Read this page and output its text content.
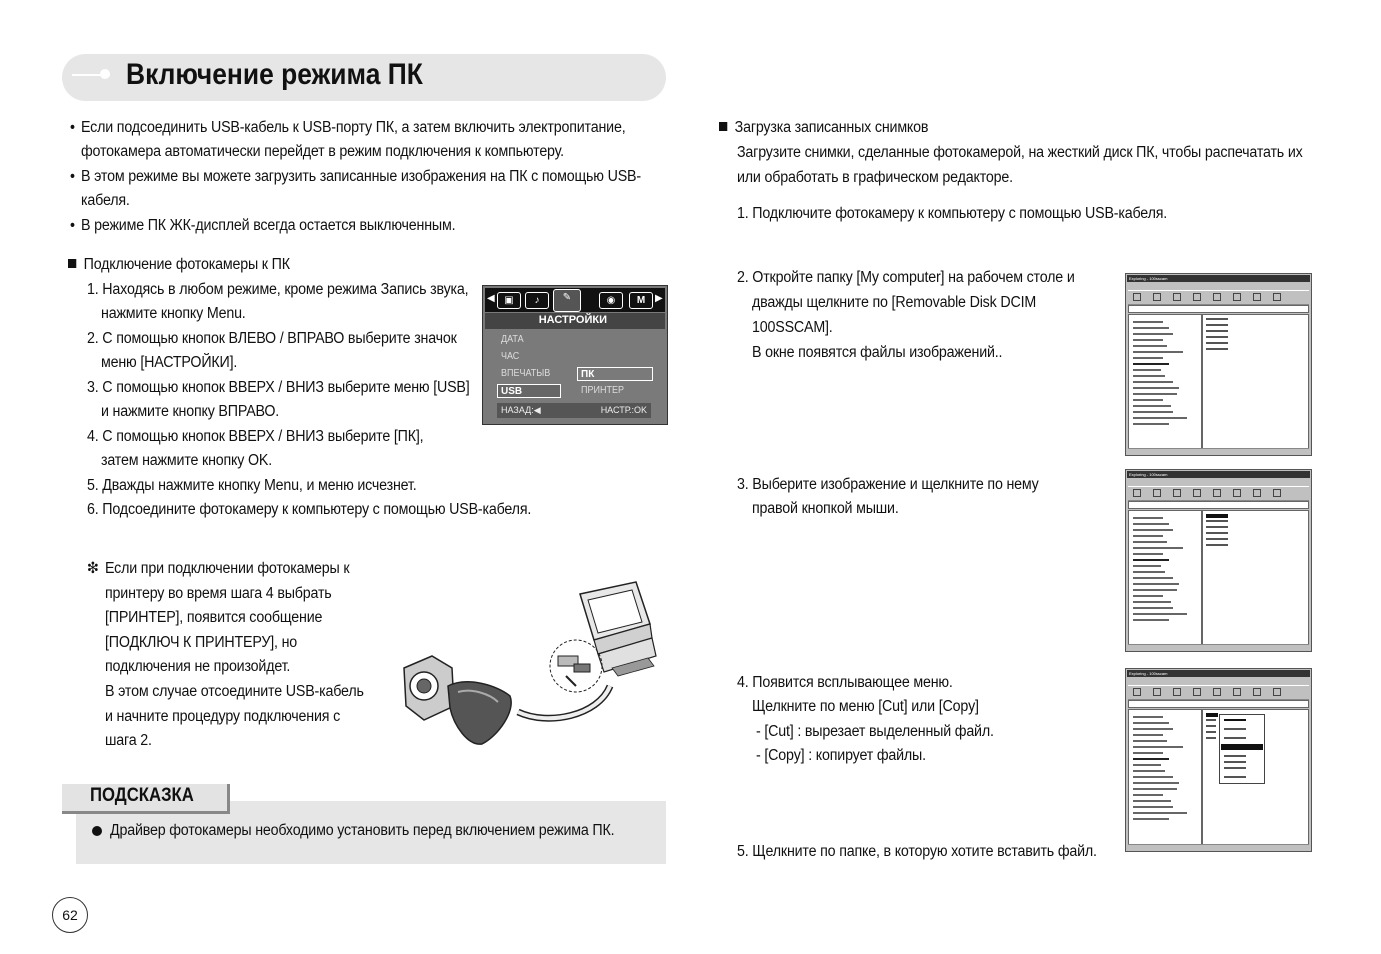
Включение режима ПК
• Если подсоединить USB-кабель к USB-порту ПК, а затем включить электропитание,
фотокамера автоматически перейдет в режим подключения к компьютеру.
• В этом режиме вы можете загрузить записанные изображения на ПК с помощью USB-
кабеля.
• В режиме ПК ЖК-дисплей всегда остается выключенным.
Подключение фотокамеры к ПК
1. Находясь в любом режиме, кроме режима Запись звука,
нажмите кнопку Menu.
2. С помощью кнопок ВЛЕВО / ВПРАВО выберите значок
меню [НАСТРОЙКИ].
3. С помощью кнопок ВВЕРХ / ВНИЗ выберите меню [USB]
и нажмите кнопку ВПРАВО.
4. С помощью кнопок ВВЕРХ / ВНИЗ выберите [ПК],
затем нажмите кнопку OK.
5. Дважды нажмите кнопку Menu, и меню исчезнет.
6. Подсоедините фотокамеру к компьютеру с помощью USB-кабеля.
◀ ▣	♪	✎	◉	M ▶
НАСТРОЙКИ
ДАТА
ЧАС
ВПЕЧАТЫВ
USB
ПК
ПРИНТЕР
НАЗАД:◀	НАСТР.:OK
❇ Если при подключении фотокамеры к
принтеру во время шага 4 выбрать
[ПРИНТЕР], появится сообщение
[ПОДКЛЮЧ К ПРИНТЕРУ], но
подключения не произойдет.
В этом случае отсоедините USB-кабель
и начните процедуру подключения с
шага 2.
ПОДСКАЗКА
Драйвер фотокамеры необходимо установить перед включением режима ПК.
62
Загрузка записанных снимков
Загрузите снимки, сделанные фотокамерой, на жесткий диск ПК, чтобы распечатать их
или обработать в графическом редакторе.
1. Подключите фотокамеру к компьютеру с помощью USB-кабеля.
2. Откройте папку [My computer] на рабочем столе и
дважды щелкните по [Removable Disk DCIM
100SSCAM].
В окне появятся файлы изображений..
3. Выберите изображение и щелкните по нему
правой кнопкой мыши.
4. Появится всплывающее меню.
Щелкните по меню [Cut] или [Copy]
- [Cut] : вырезает выделенный файл.
- [Copy] : копирует файлы.
5. Щелкните по папке, в которую хотите вставить файл.
Exploring - 100sscam
Exploring - 100sscam
Exploring - 100sscam
